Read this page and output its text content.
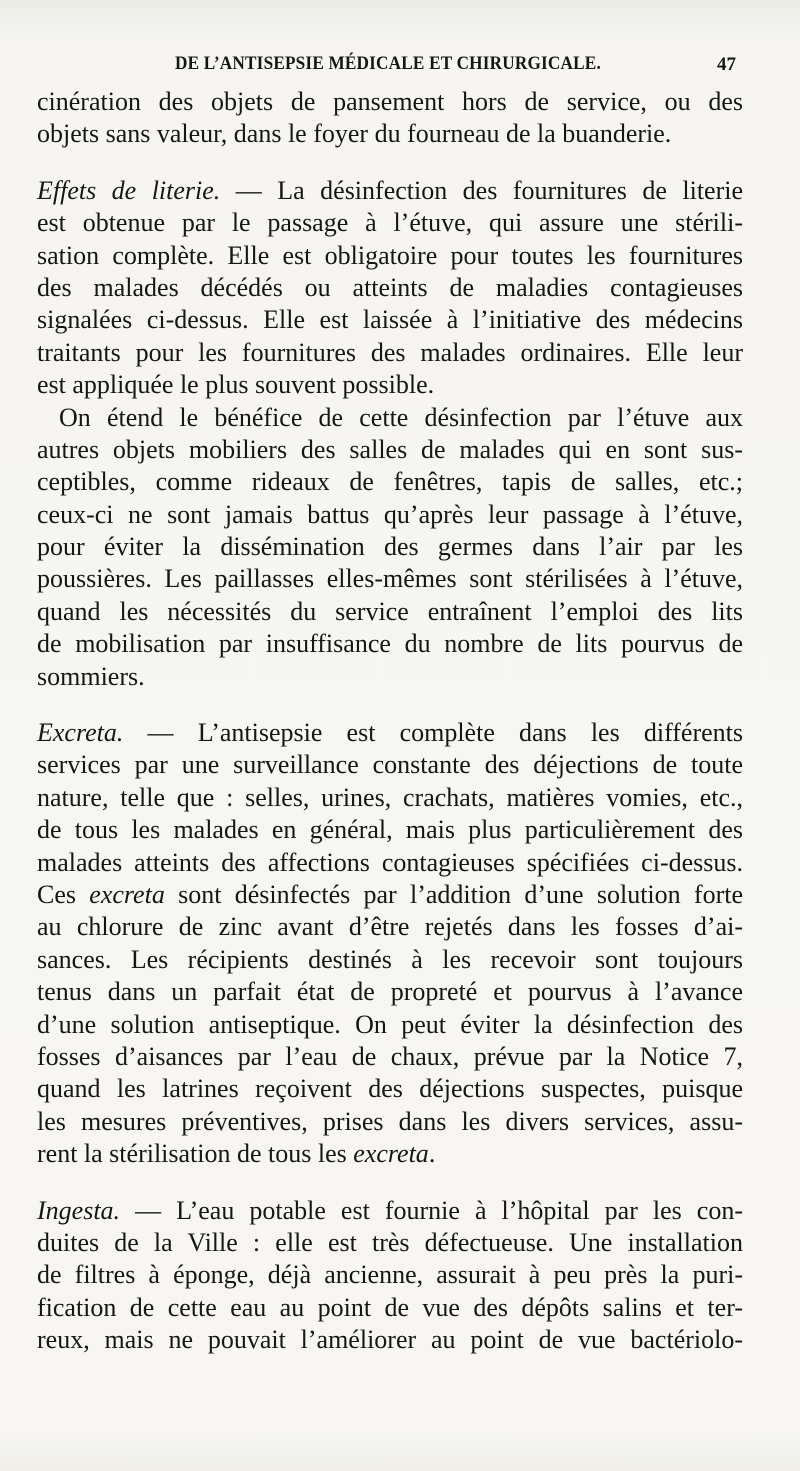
DE L’ANTISEPSIE MÉDICALE ET CHIRURGICALE.	47
cinération des objets de pansement hors de service, ou des
objets sans valeur, dans le foyer du fourneau de la buanderie.
Effets de literie. — La désinfection des fournitures de literie
est obtenue par le passage à l’étuve, qui assure une stérili-
sation complète. Elle est obligatoire pour toutes les fournitures
des malades décédés ou atteints de maladies contagieuses
signalées ci-dessus. Elle est laissée à l’initiative des médecins
traitants pour les fournitures des malades ordinaires. Elle leur
est appliquée le plus souvent possible.
On étend le bénéfice de cette désinfection par l’étuve aux
autres objets mobiliers des salles de malades qui en sont sus-
ceptibles, comme rideaux de fenêtres, tapis de salles, etc.;
ceux-ci ne sont jamais battus qu’après leur passage à l’étuve,
pour éviter la dissémination des germes dans l’air par les
poussières. Les paillasses elles-mêmes sont stérilisées à l’étuve,
quand les nécessités du service entraînent l’emploi des lits
de mobilisation par insuffisance du nombre de lits pourvus de
sommiers.
Excreta. — L’antisepsie est complète dans les différents
services par une surveillance constante des déjections de toute
nature, telle que : selles, urines, crachats, matières vomies, etc.,
de tous les malades en général, mais plus particulièrement des
malades atteints des affections contagieuses spécifiées ci-dessus.
Ces excreta sont désinfectés par l’addition d’une solution forte
au chlorure de zinc avant d’être rejetés dans les fosses d’ai-
sances. Les récipients destinés à les recevoir sont toujours
tenus dans un parfait état de propreté et pourvus à l’avance
d’une solution antiseptique. On peut éviter la désinfection des
fosses d’aisances par l’eau de chaux, prévue par la Notice 7,
quand les latrines reçoivent des déjections suspectes, puisque
les mesures préventives, prises dans les divers services, assu-
rent la stérilisation de tous les excreta.
Ingesta. — L’eau potable est fournie à l’hôpital par les con-
duites de la Ville : elle est très défectueuse. Une installation
de filtres à éponge, déjà ancienne, assurait à peu près la puri-
fication de cette eau au point de vue des dépôts salins et ter-
reux, mais ne pouvait l’améliorer au point de vue bactériolo-
